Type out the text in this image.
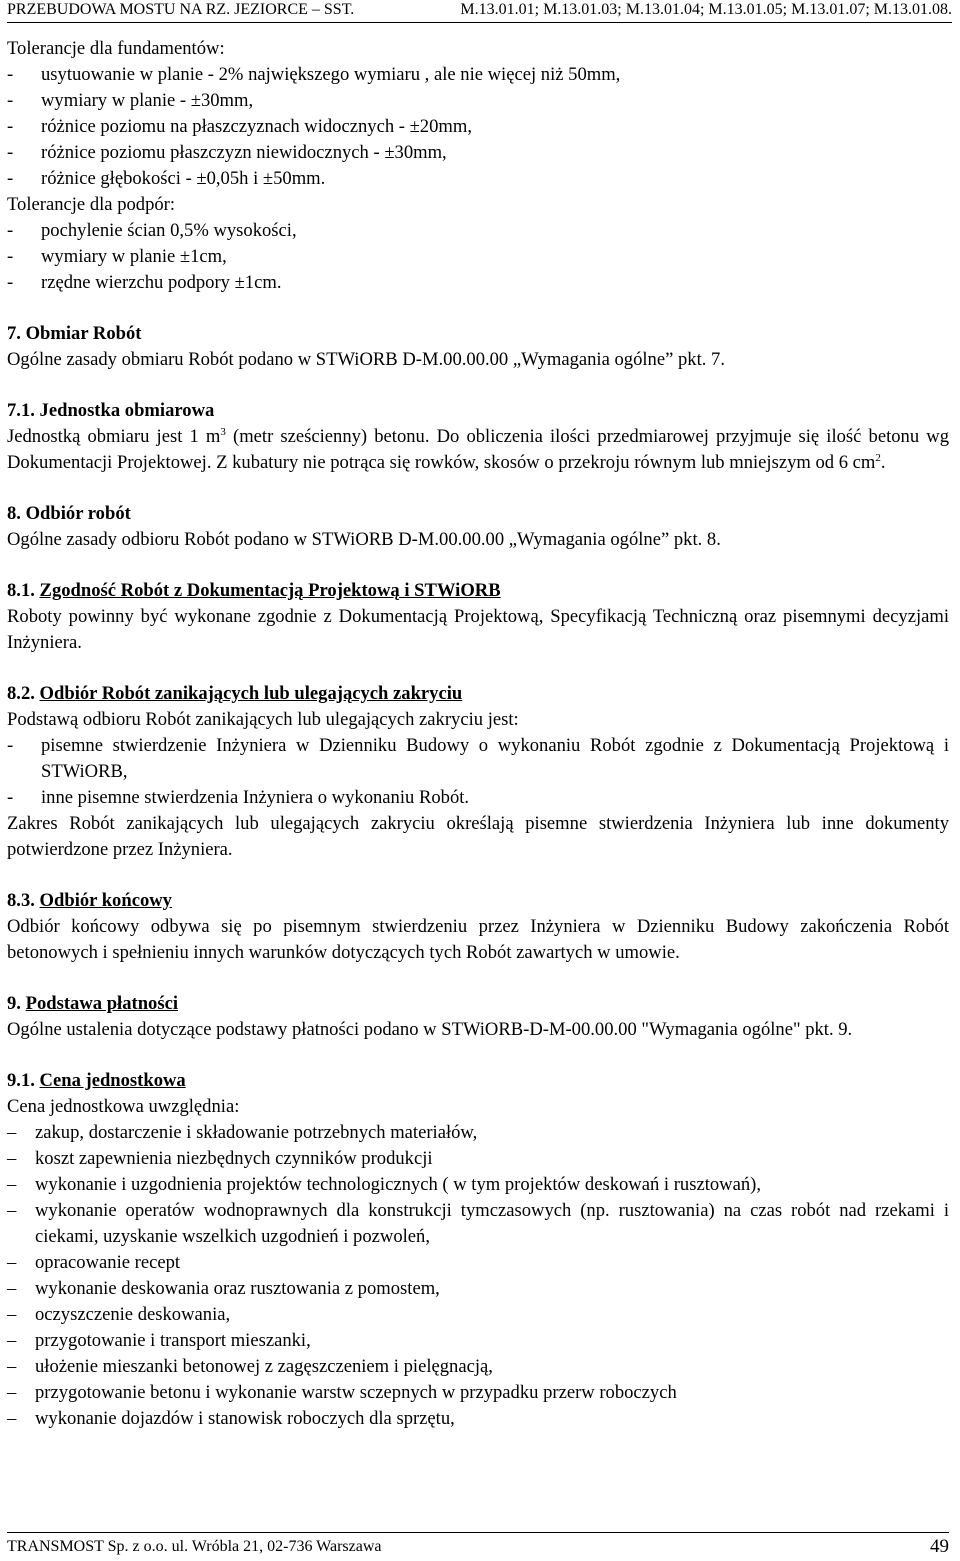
PRZEBUDOWA MOSTU NA RZ. JEZIORCE – SST.	M.13.01.01; M.13.01.03; M.13.01.04; M.13.01.05; M.13.01.07; M.13.01.08.

Tolerancje dla fundamentów:

- usytuowanie w planie - 2% największego wymiaru , ale nie więcej niż 50mm,

- wymiary w planie - ±30mm,

- różnice poziomu na płaszczyznach widocznych - ±20mm,

- różnice poziomu płaszczyzn niewidocznych - ±30mm,

- różnice głębokości - ±0,05h i ±50mm.

Tolerancje dla podpór:

- pochylenie ścian 0,5% wysokości,

- wymiary w planie ±1cm,

- rzędne wierzchu podpory ±1cm.

7. Obmiar Robót

Ogólne zasady obmiaru Robót podano w STWiORB D-M.00.00.00 „Wymagania ogólne” pkt. 7.

7.1. Jednostka obmiarowa

Jednostką obmiaru jest 1 $m^3$ (metr sześcienny) betonu. Do obliczenia ilości przedmiarowej przyjmuje się ilość betonu wg Dokumentacji Projektowej. Z kubatury nie potrąca się rowków, skosów o przekroju równym lub mniejszym od 6 $cm^2$.

8. Odbiór robót

Ogólne zasady odbioru Robót podano w STWiORB D-M.00.00.00 „Wymagania ogólne” pkt. 8.

8.1. Zgodność Robót z Dokumentacją Projektową i STWiORB

Roboty powinny być wykonane zgodnie z Dokumentacją Projektową, Specyfikacją Techniczną oraz pisemnymi decyzjami Inżyniera.

8.2. Odbiór Robót zanikających lub ulegających zakryciu

Podstawą odbioru Robót zanikających lub ulegających zakryciu jest:

- pisemne stwierdzenie Inżyniera w Dzienniku Budowy o wykonaniu Robót zgodnie z Dokumentacją Projektową i STWiORB,

- inne pisemne stwierdzenia Inżyniera o wykonaniu Robót.

Zakres Robót zanikających lub ulegających zakryciu określają pisemne stwierdzenia Inżyniera lub inne dokumenty potwierdzone przez Inżyniera.

8.3. Odbiór końcowy

Odbiór końcowy odbywa się po pisemnym stwierdzeniu przez Inżyniera w Dzienniku Budowy zakończenia Robót betonowych i spełnieniu innych warunków dotyczących tych Robót zawartych w umowie.

9. Podstawa płatności

Ogólne ustalenia dotyczące podstawy płatności podano w STWiORB-D-M-00.00.00 "Wymagania ogólne" pkt. 9.

9.1. Cena jednostkowa

Cena jednostkowa uwzględnia:

– zakup, dostarczenie i składowanie potrzebnych materiałów,

– koszt zapewnienia niezbędnych czynników produkcji

– wykonanie i uzgodnienia projektów technologicznych ( w tym projektów deskowań i rusztowań),

– wykonanie operatów wodnoprawnych dla konstrukcji tymczasowych (np. rusztowania) na czas robót nad rzekami i ciekami, uzyskanie wszelkich uzgodnień i pozwoleń,

– opracowanie recept

– wykonanie deskowania oraz rusztowania z pomostem,

– oczyszczenie deskowania,

– przygotowanie i transport mieszanki,

– ułożenie mieszanki betonowej z zagęszczeniem i pielęgnacją,

– przygotowanie betonu i wykonanie warstw sczepnych w przypadku przerw roboczych

– wykonanie dojazdów i stanowisk roboczych dla sprzętu,

TRANSMOST Sp. z o.o. ul. Wróbla 21, 02-736 Warszawa	49
